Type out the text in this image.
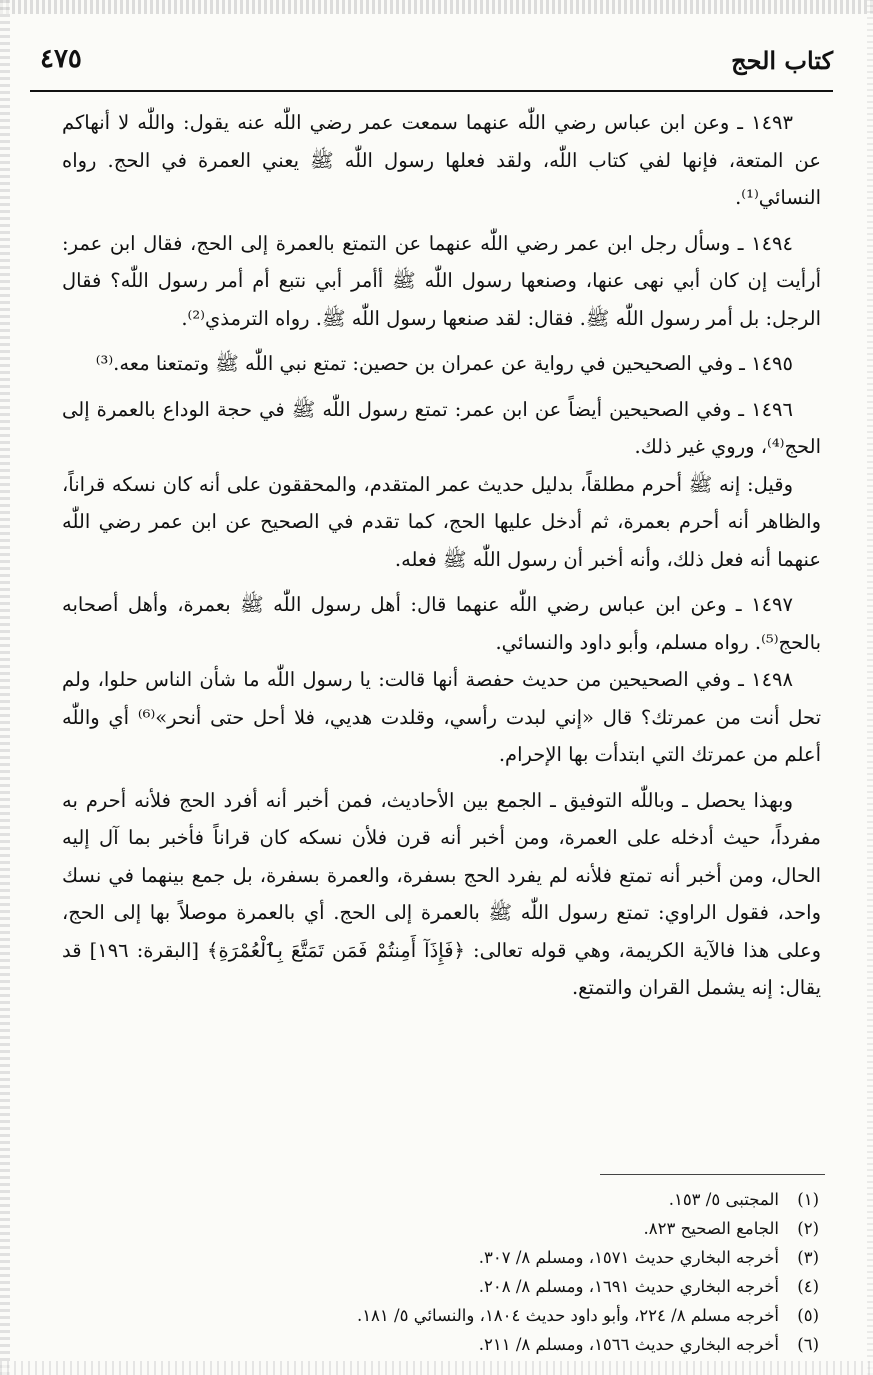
كتاب الحج
٤٧٥

١٤٩٣ ـ وعن ابن عباس رضي اللّٰه عنهما سمعت عمر رضي اللّٰه عنه يقول: واللّٰه لا أنهاكم عن المتعة، فإنها لفي كتاب اللّٰه، ولقد فعلها رسول اللّٰه ﷺ يعني العمرة في الحج. رواه النسائي⁽¹⁾.

١٤٩٤ ـ وسأل رجل ابن عمر رضي اللّٰه عنهما عن التمتع بالعمرة إلى الحج، فقال ابن عمر: أرأيت إن كان أبي نهى عنها، وصنعها رسول اللّٰه ﷺ أأمر أبي نتبع أم أمر رسول اللّٰه؟ فقال الرجل: بل أمر رسول اللّٰه ﷺ. فقال: لقد صنعها رسول اللّٰه ﷺ. رواه الترمذي⁽²⁾.

١٤٩٥ ـ وفي الصحيحين في رواية عن عمران بن حصين: تمتع نبي اللّٰه ﷺ وتمتعنا معه.⁽³⁾

١٤٩٦ ـ وفي الصحيحين أيضاً عن ابن عمر: تمتع رسول اللّٰه ﷺ في حجة الوداع بالعمرة إلى الحج⁽⁴⁾، وروي غير ذلك.

وقيل: إنه ﷺ أحرم مطلقاً، بدليل حديث عمر المتقدم، والمحققون على أنه كان نسكه قراناً، والظاهر أنه أحرم بعمرة، ثم أدخل عليها الحج، كما تقدم في الصحيح عن ابن عمر رضي اللّٰه عنهما أنه فعل ذلك، وأنه أخبر أن رسول اللّٰه ﷺ فعله.

١٤٩٧ ـ وعن ابن عباس رضي اللّٰه عنهما قال: أهل رسول اللّٰه ﷺ بعمرة، وأهل أصحابه بالحج⁽⁵⁾. رواه مسلم، وأبو داود والنسائي.

١٤٩٨ ـ وفي الصحيحين من حديث حفصة أنها قالت: يا رسول اللّٰه ما شأن الناس حلوا، ولم تحل أنت من عمرتك؟ قال «إني لبدت رأسي، وقلدت هديي، فلا أحل حتى أنحر»⁽⁶⁾ أي واللّٰه أعلم من عمرتك التي ابتدأت بها الإحرام.

وبهذا يحصل ـ وباللّٰه التوفيق ـ الجمع بين الأحاديث، فمن أخبر أنه أفرد الحج فلأنه أحرم به مفرداً، حيث أدخله على العمرة، ومن أخبر أنه قرن فلأن نسكه كان قراناً فأخبر بما آل إليه الحال، ومن أخبر أنه تمتع فلأنه لم يفرد الحج بسفرة، والعمرة بسفرة، بل جمع بينهما في نسك واحد، فقول الراوي: تمتع رسول اللّٰه ﷺ بالعمرة إلى الحج. أي بالعمرة موصلاً بها إلى الحج، وعلى هذا فالآية الكريمة، وهي قوله تعالى: ﴿فَإِذَآ أَمِنتُمْ فَمَن تَمَتَّعَ بِٱلْعُمْرَةِ﴾ [البقرة: ١٩٦] قد يقال: إنه يشمل القران والتمتع.

(١)
المجتبى ٥/ ١٥٣.
(٢)
الجامع الصحيح ٨٢٣.
(٣)
أخرجه البخاري حديث ١٥٧١، ومسلم ٨/ ٣٠٧.
(٤)
أخرجه البخاري حديث ١٦٩١، ومسلم ٨/ ٢٠٨.
(٥)
أخرجه مسلم ٨/ ٢٢٤، وأبو داود حديث ١٨٠٤، والنسائي ٥/ ١٨١.
(٦)
أخرجه البخاري حديث ١٥٦٦، ومسلم ٨/ ٢١١.
